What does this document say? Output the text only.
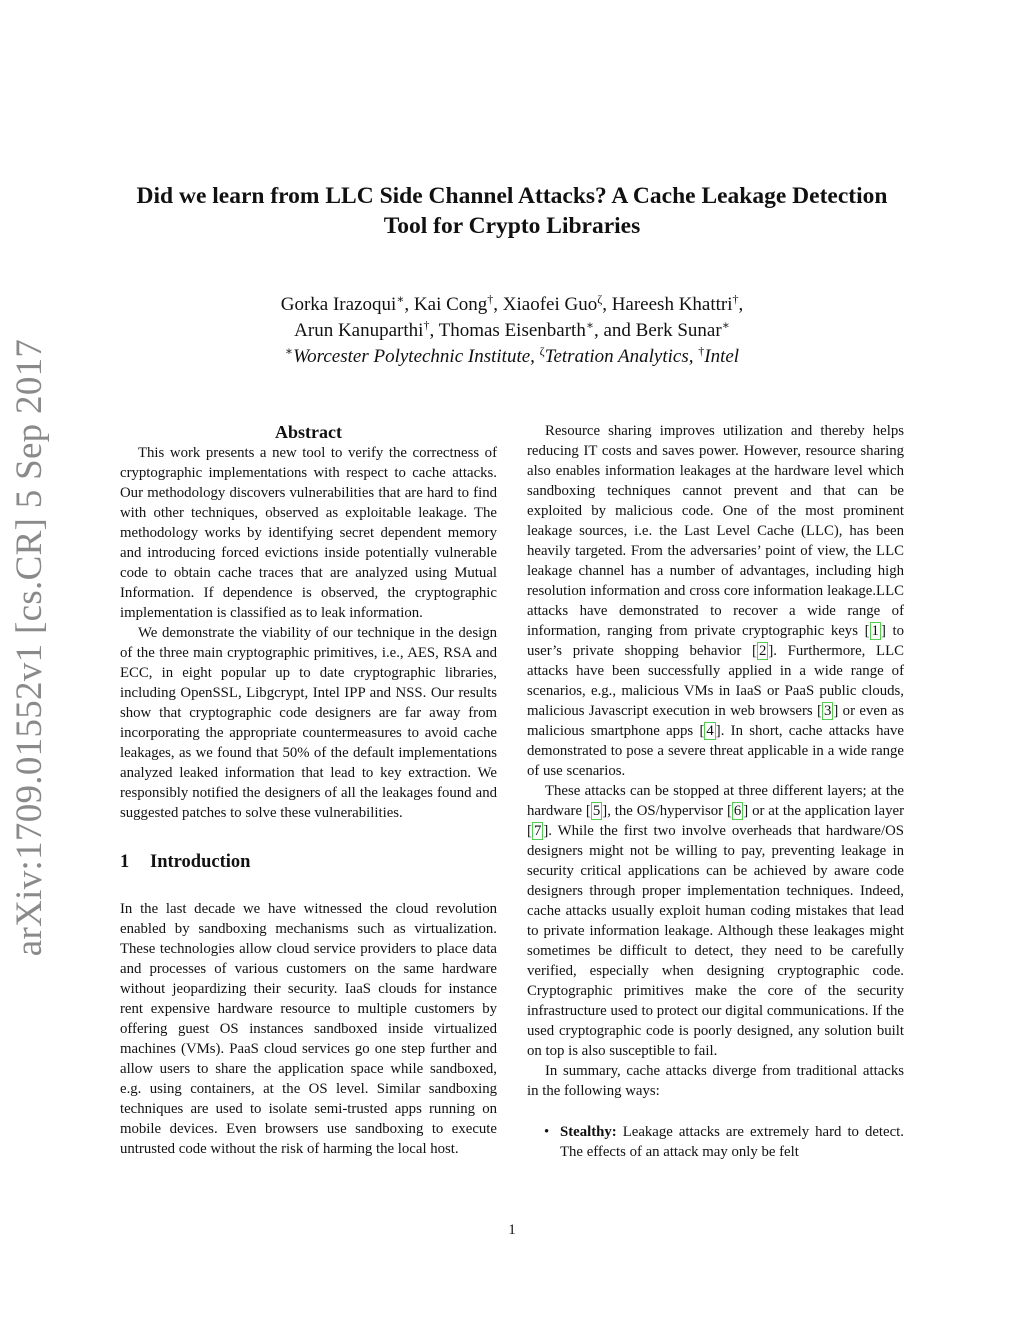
arXiv:1709.01552v1 [cs.CR] 5 Sep 2017
Did we learn from LLC Side Channel Attacks? A Cache Leakage Detection
Tool for Crypto Libraries
Gorka Irazoqui∗, Kai Cong†, Xiaofei Guo$^\zeta$, Hareesh Khattri†,
Arun Kanuparthi†, Thomas Eisenbarth∗, and Berk Sunar∗
∗Worcester Polytechnic Institute, $^\zeta$Tetration Analytics, †Intel
Abstract

This work presents a new tool to verify the correctness of cryptographic implementations with respect to cache attacks. Our methodology discovers vulnerabilities that are hard to find with other techniques, observed as exploitable leakage. The methodology works by identifying secret dependent memory and introducing forced evictions inside potentially vulnerable code to obtain cache traces that are analyzed using Mutual Information. If dependence is observed, the cryptographic implementation is classified as to leak information.

We demonstrate the viability of our technique in the design of the three main cryptographic primitives, i.e., AES, RSA and ECC, in eight popular up to date cryptographic libraries, including OpenSSL, Libgcrypt, Intel IPP and NSS. Our results show that cryptographic code designers are far away from incorporating the appropriate countermeasures to avoid cache leakages, as we found that 50% of the default implementations analyzed leaked information that lead to key extraction. We responsibly notified the designers of all the leakages found and suggested patches to solve these vulnerabilities.

1 Introduction

In the last decade we have witnessed the cloud revolution enabled by sandboxing mechanisms such as virtualization. These technologies allow cloud service providers to place data and processes of various customers on the same hardware without jeopardizing their security. IaaS clouds for instance rent expensive hardware resource to multiple customers by offering guest OS instances sandboxed inside virtualized machines (VMs). PaaS cloud services go one step further and allow users to share the application space while sandboxed, e.g. using containers, at the OS level. Similar sandboxing techniques are used to isolate semi-trusted apps running on mobile devices. Even browsers use sandboxing to execute untrusted code without the risk of harming the local host.

Resource sharing improves utilization and thereby helps reducing IT costs and saves power. However, resource sharing also enables information leakages at the hardware level which sandboxing techniques cannot prevent and that can be exploited by malicious code. One of the most prominent leakage sources, i.e. the Last Level Cache (LLC), has been heavily targeted. From the adversaries’ point of view, the LLC leakage channel has a number of advantages, including high resolution information and cross core information leakage.LLC attacks have demonstrated to recover a wide range of information, ranging from private cryptographic keys [ 1 ] to user’s private shopping behavior [ 2 ]. Furthermore, LLC attacks have been successfully applied in a wide range of scenarios, e.g., malicious VMs in IaaS or PaaS public clouds, malicious Javascript execution in web browsers [ 3 ] or even as malicious smartphone apps [ 4 ]. In short, cache attacks have demonstrated to pose a severe threat applicable in a wide range of use scenarios.

These attacks can be stopped at three different layers; at the hardware [ 5 ], the OS/hypervisor [ 6 ] or at the application layer [ 7 ]. While the first two involve overheads that hardware/OS designers might not be willing to pay, preventing leakage in security critical applications can be achieved by aware code designers through proper implementation techniques. Indeed, cache attacks usually exploit human coding mistakes that lead to private information leakage. Although these leakages might sometimes be difficult to detect, they need to be carefully verified, especially when designing cryptographic code. Cryptographic primitives make the core of the security infrastructure used to protect our digital communications. If the used cryptographic code is poorly designed, any solution built on top is also susceptible to fail.

In summary, cache attacks diverge from traditional attacks in the following ways:

• Stealthy: Leakage attacks are extremely hard to detect. The effects of an attack may only be felt
1
